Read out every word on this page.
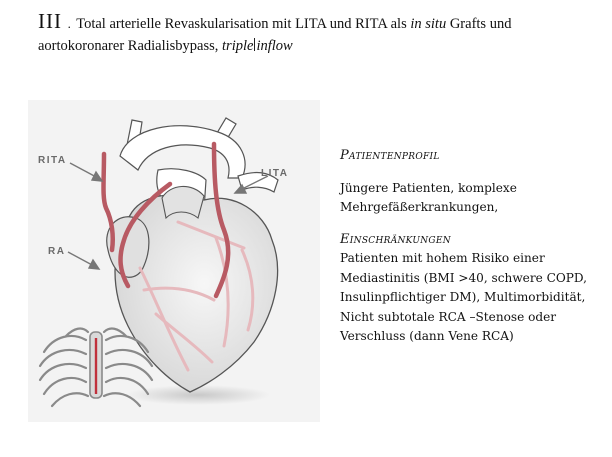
III . Total arterielle Revaskularisation mit LITA und RITA als in situ Grafts und aortokoronarer Radialisbypass, triple inflow
RITA
LITA
RA
Patientenprofil

Jüngere Patienten, komplexe Mehrgefäßerkrankungen,

Einschränkungen

Patienten mit hohem Risiko einer Mediastinitis (BMI >40, schwere COPD, Insulinpflichtiger DM), Multimorbidität, Nicht subtotale RCA –Stenose oder Verschluss (dann Vene RCA)
